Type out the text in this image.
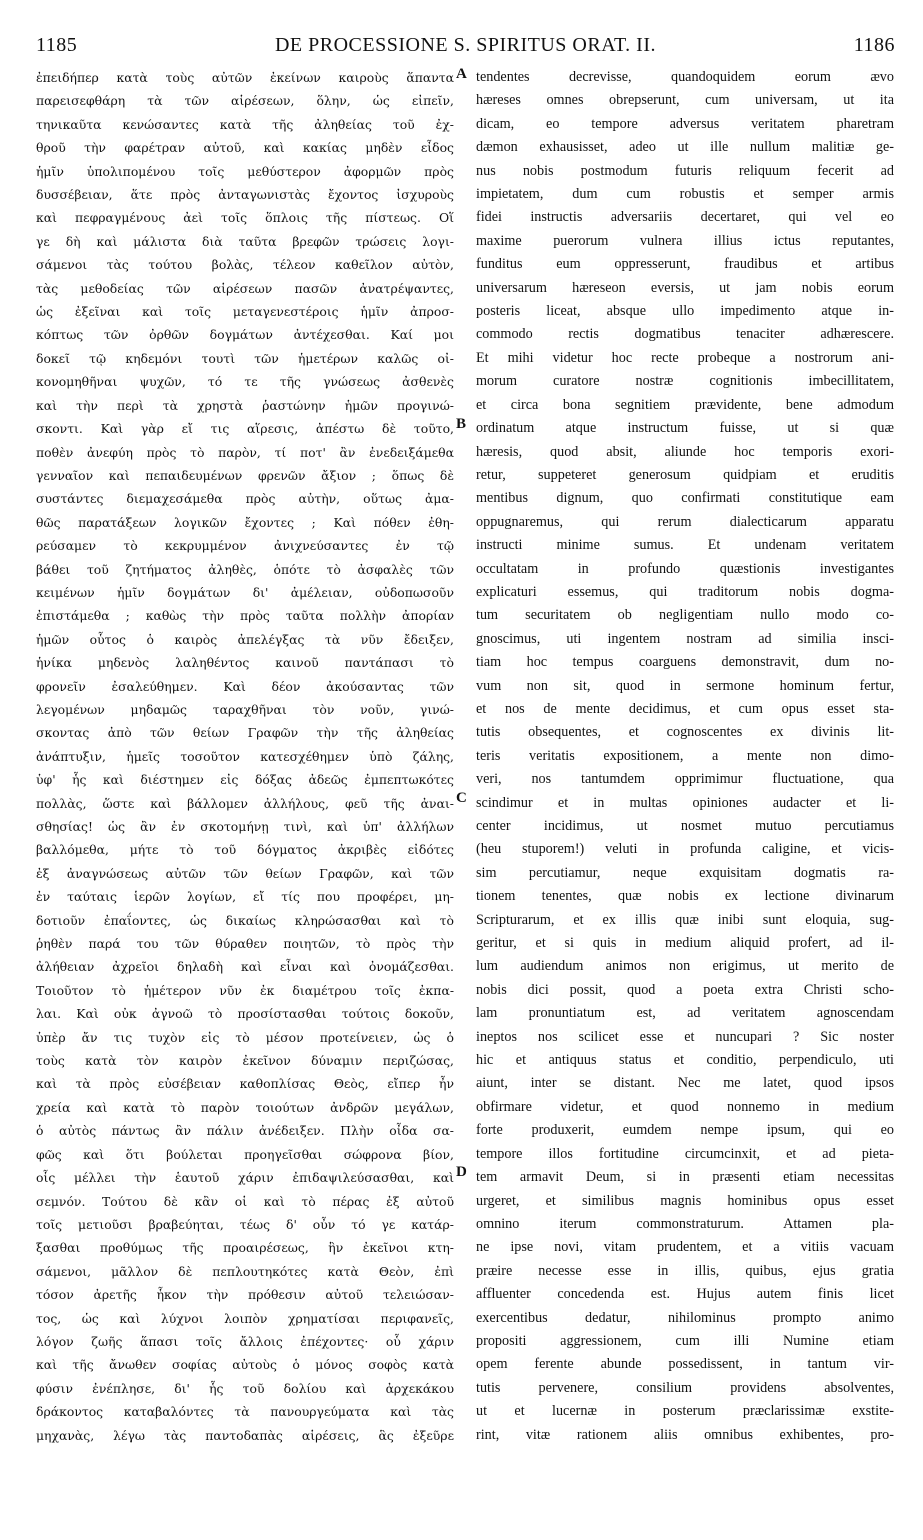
1185	DE PROCESSIONE S. SPIRITUS ORAT. II.	1186
ἐπειδήπερ κατὰ τοὺς αὐτῶν ἐκείνων καιροὺς ἅπαντα
παρεισεφθάρη τὰ τῶν αἱρέσεων, ὅλην, ὡς εἰπεῖν,
τηνικαῦτα κενώσαντες κατὰ τῆς ἀληθείας τοῦ ἐχ-
θροῦ τὴν φαρέτραν αὐτοῦ, καὶ κακίας μηδὲν εἶδος
ἡμῖν ὑπολιπομένου τοῖς μεθύστερον ἀφορμῶν πρὸς
δυσσέβειαν, ἅτε πρὸς ἀνταγωνιστὰς ἔχοντος ἰσχυροὺς
καὶ πεφραγμένους ἀεὶ τοῖς ὅπλοις τῆς πίστεως. Οἵ
γε δὴ καὶ μάλιστα διὰ ταῦτα βρεφῶν τρώσεις λογι-
σάμενοι τὰς τούτου βολὰς, τέλεον καθεῖλον αὐτὸν,
τὰς μεθοδείας τῶν αἱρέσεων πασῶν ἀνατρέψαντες,
ὡς ἐξεῖναι καὶ τοῖς μεταγενεστέροις ἡμῖν ἀπροσ-
κόπτως τῶν ὀρθῶν δογμάτων ἀντέχεσθαι. Καί μοι
δοκεῖ τῷ κηδεμόνι τουτὶ τῶν ἡμετέρων καλῶς οἰ-
κονομηθῆναι ψυχῶν, τό τε τῆς γνώσεως ἀσθενὲς
καὶ τὴν περὶ τὰ χρηστὰ ῥαστώνην ἡμῶν προγινώ-
σκοντι. Καὶ γὰρ εἴ τις αἵρεσις, ἀπέστω δὲ τοῦτο,
ποθὲν ἀνεφύη πρὸς τὸ παρὸν, τί ποτ' ἂν ἐνεδειξάμεθα
γενναῖον καὶ πεπαιδευμένων φρενῶν ἄξιον ; ὅπως δὲ
συστάντες διεμαχεσάμεθα πρὸς αὐτὴν, οὕτως ἀμα-
θῶς παρατάξεων λογικῶν ἔχοντες ; Καὶ πόθεν ἐθη-
ρεύσαμεν τὸ κεκρυμμένον ἀνιχνεύσαντες ἐν τῷ
βάθει τοῦ ζητήματος ἀληθὲς, ὁπότε τὸ ἀσφαλὲς τῶν
κειμένων ἡμῖν δογμάτων δι' ἀμέλειαν, οὐδοπωσοῦν
ἐπιστάμεθα ; καθὼς τὴν πρὸς ταῦτα πολλὴν ἀπορίαν
ἡμῶν οὗτος ὁ καιρὸς ἀπελέγξας τὰ νῦν ἔδειξεν,
ἡνίκα μηδενὸς λαληθέντος καινοῦ παντάπασι τὸ
φρονεῖν ἐσαλεύθημεν. Καὶ δέον ἀκούσαντας τῶν
λεγομένων μηδαμῶς ταραχθῆναι τὸν νοῦν, γινώ-
σκοντας ἀπὸ τῶν θείων Γραφῶν τὴν τῆς ἀληθείας
ἀνάπτυξιν, ἡμεῖς τοσοῦτον κατεσχέθημεν ὑπὸ ζάλης,
ὑφ' ἧς καὶ διέστημεν εἰς δόξας ἀδεῶς ἐμπεπτωκότες
πολλὰς, ὥστε καὶ βάλλομεν ἀλλήλους, φεῦ τῆς ἀναι-
σθησίας! ὡς ἂν ἐν σκοτομήνῃ τινὶ, καὶ ὑπ' ἀλλήλων
βαλλόμεθα, μήτε τὸ τοῦ δόγματος ἀκριβὲς εἰδότες
ἐξ ἀναγνώσεως αὐτῶν τῶν θείων Γραφῶν, καὶ τῶν
ἐν ταύταις ἱερῶν λογίων, εἴ τίς που προφέρει, μη-
δοτιοῦν ἐπαΐοντες, ὡς δικαίως κληρώσασθαι καὶ τὸ
ῥηθὲν παρά του τῶν θύραθεν ποιητῶν, τὸ πρὸς τὴν
ἀλήθειαν ἀχρεῖοι δηλαδὴ καὶ εἶναι καὶ ὀνομάζεσθαι.
Τοιοῦτον τὸ ἡμέτερον νῦν ἐκ διαμέτρου τοῖς ἐκπα-
λαι. Καὶ οὐκ ἀγνοῶ τὸ προσίστασθαι τούτοις δοκοῦν,
ὑπὲρ ἄν τις τυχὸν εἰς τὸ μέσον προτείνειεν, ὡς ὁ
τοὺς κατὰ τὸν καιρὸν ἐκεῖνον δύναμιν περιζώσας,
καὶ τὰ πρὸς εὐσέβειαν καθοπλίσας Θεὸς, εἴπερ ἦν
χρεία καὶ κατὰ τὸ παρὸν τοιούτων ἀνδρῶν μεγάλων,
ὁ αὐτὸς πάντως ἂν πάλιν ἀνέδειξεν. Πλὴν οἶδα σα-
φῶς καὶ ὅτι βούλεται προηγεῖσθαι σώφρονα βίον,
οἷς μέλλει τὴν ἑαυτοῦ χάριν ἐπιδαψιλεύσασθαι, καὶ
σεμνόν. Τούτου δὲ κἂν οἱ καὶ τὸ πέρας ἐξ αὐτοῦ
τοῖς μετιοῦσι βραβεύηται, τέως δ' οὖν τό γε κατάρ-
ξασθαι προθύμως τῆς προαιρέσεως, ἣν ἐκεῖνοι κτη-
σάμενοι, μᾶλλον δὲ πεπλουτηκότες κατὰ Θεὸν, ἐπὶ
τόσον ἀρετῆς ἧκον τὴν πρόθεσιν αὐτοῦ τελειώσαν-
τος, ὡς καὶ λύχνοι λοιπὸν χρηματίσαι περιφανεῖς,
λόγον ζωῆς ἅπασι τοῖς ἄλλοις ἐπέχοντες· οὗ χάριν
καὶ τῆς ἄνωθεν σοφίας αὐτοὺς ὁ μόνος σοφὸς κατὰ
φύσιν ἐνέπλησε, δι' ἧς τοῦ δολίου καὶ ἀρχεκάκου
δράκοντος καταβαλόντες τὰ πανουργεύματα καὶ τὰς
μηχανὰς, λέγω τὰς παντοδαπὰς αἱρέσεις, ἃς ἐξεῦρε
tendentes decrevisse, quandoquidem eorum ævo
hæreses omnes obrepserunt, cum universam, ut ita
dicam, eo tempore adversus veritatem pharetram
dæmon exhausisset, adeo ut ille nullum malitiæ ge-
nus nobis postmodum futuris reliquum fecerit ad
impietatem, dum cum robustis et semper armis
fidei instructis adversariis decertaret, qui vel eo
maxime puerorum vulnera illius ictus reputantes,
funditus eum oppresserunt, fraudibus et artibus
universarum hæreseon eversis, ut jam nobis eorum
posteris liceat, absque ullo impedimento atque in-
commodo rectis dogmatibus tenaciter adhærescere.
Et mihi videtur hoc recte probeque a nostrorum ani-
morum curatore nostræ cognitionis imbecillitatem,
et circa bona segnitiem prævidente, bene admodum
ordinatum atque instructum fuisse, ut si quæ
hæresis, quod absit, aliunde hoc temporis exori-
retur, suppeteret generosum quidpiam et eruditis
mentibus dignum, quo confirmati constitutique eam
oppugnaremus, qui rerum dialecticarum apparatu
instructi minime sumus. Et undenam veritatem
occultatam in profundo quæstionis investigantes
explicaturi essemus, qui traditorum nobis dogma-
tum securitatem ob negligentiam nullo modo co-
gnoscimus, uti ingentem nostram ad similia insci-
tiam hoc tempus coarguens demonstravit, dum no-
vum non sit, quod in sermone hominum fertur,
et nos de mente decidimus, et cum opus esset sta-
tutis obsequentes, et cognoscentes ex divinis lit-
teris veritatis expositionem, a mente non dimo-
veri, nos tantumdem opprimimur fluctuatione, qua
scindimur et in multas opiniones audacter et li-
center incidimus, ut nosmet mutuo percutiamus
(heu stuporem!) veluti in profunda caligine, et vicis-
sim percutiamur, neque exquisitam dogmatis ra-
tionem tenentes, quæ nobis ex lectione divinarum
Scripturarum, et ex illis quæ inibi sunt eloquia, sug-
geritur, et si quis in medium aliquid profert, ad il-
lum audiendum animos non erigimus, ut merito de
nobis dici possit, quod a poeta extra Christi scho-
lam pronuntiatum est, ad veritatem agnoscendam
ineptos nos scilicet esse et nuncupari ? Sic noster
hic et antiquus status et conditio, perpendiculo, uti
aiunt, inter se distant. Nec me latet, quod ipsos
obfirmare videtur, et quod nonnemo in medium
forte produxerit, eumdem nempe ipsum, qui eo
tempore illos fortitudine circumcinxit, et ad pieta-
tem armavit Deum, si in præsenti etiam necessitas
urgeret, et similibus magnis hominibus opus esset
omnino iterum commonstraturum. Attamen pla-
ne ipse novi, vitam prudentem, et a vitiis vacuam
præire necesse esse in illis, quibus, ejus gratia
affluenter concedenda est. Hujus autem finis licet
exercentibus dedatur, nihilominus prompto animo
propositi aggressionem, cum illi Numine etiam
opem ferente abunde possedissent, in tantum vir-
tutis pervenere, consilium providens absolventes,
ut et lucernæ in posterum præclarissimæ exstite-
rint, vitæ rationem aliis omnibus exhibentes, pro-
A
B
C
D
